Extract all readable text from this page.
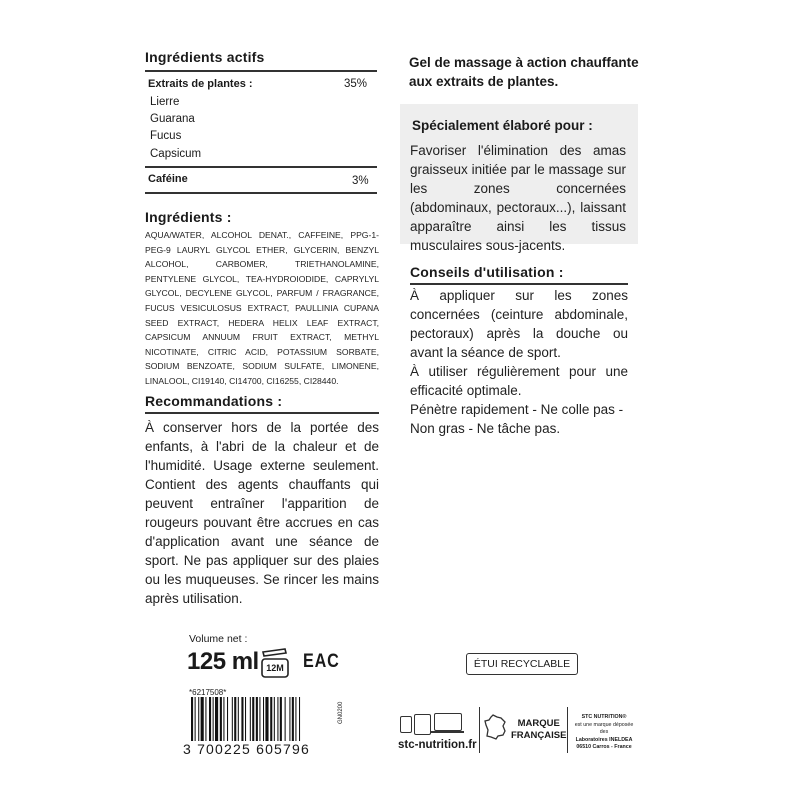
Ingrédients actifs
Extraits de plantes :	35%
Lierre
Guarana
Fucus
Capsicum
Caféine	3%
Ingrédients :
AQUA/WATER, ALCOHOL DENAT., CAFFEINE, PPG-1-PEG-9 LAURYL GLYCOL ETHER, GLYCERIN, BENZYL ALCOHOL, CARBOMER, TRIETHANOLAMINE, PENTYLENE GLYCOL, TEA-HYDROIODIDE, CAPRYLYL GLYCOL, DECYLENE GLYCOL, PARFUM / FRAGRANCE, FUCUS VESICULOSUS EXTRACT, PAULLINIA CUPANA SEED EXTRACT, HEDERA HELIX LEAF EXTRACT, CAPSICUM ANNUUM FRUIT EXTRACT, METHYL NICOTINATE, CITRIC ACID, POTASSIUM SORBATE, SODIUM BENZOATE, SODIUM SULFATE, LIMONENE, LINALOOL, CI19140, CI14700, CI16255, CI28440.
Recommandations :
À conserver hors de la portée des enfants, à l'abri de la chaleur et de l'humidité. Usage externe seulement. Contient des agents chauffants qui peuvent entraîner l'apparition de rougeurs pouvant être accrues en cas d'application avant une séance de sport. Ne pas appliquer sur des plaies ou les muqueuses. Se rincer les mains après utilisation.
Gel de massage à action chauffante
aux extraits de plantes.
Spécialement élaboré pour :
Favoriser l'élimination des amas graisseux initiée par le massage sur les zones concernées (abdominaux, pectoraux...), laissant apparaître ainsi les tissus musculaires sous-jacents.
Conseils d'utilisation :
À appliquer sur les zones concernées (ceinture abdominale, pectoraux) après la douche ou avant la séance de sport.
À utiliser régulièrement pour une efficacité optimale.
Pénètre rapidement - Ne colle pas - Non gras - Ne tâche pas.
Volume net :
125 ml 12M EAC
*6217508*
3 700225 605796
GN0200
ÉTUI RECYCLABLE
stc-nutrition.fr
MARQUE
FRANÇAISE
STC NUTRITION®
est une marque déposée des
Laboratoires INELDEA
06510 Carros - France
